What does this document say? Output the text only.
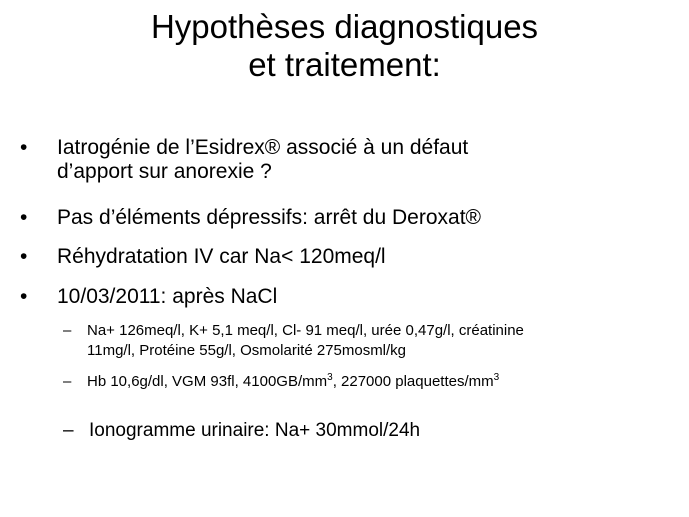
Hypothèses diagnostiques
et traitement:
•	Iatrogénie de l’Esidrex® associé à un défaut
d’apport sur anorexie ?
•	Pas d’éléments dépressifs: arrêt du Deroxat®
•	Réhydratation IV car Na< 120meq/l
•	10/03/2011: après NaCl
– Na+ 126meq/l, K+ 5,1 meq/l, Cl- 91 meq/l, urée 0,47g/l, créatinine
11mg/l, Protéine 55g/l, Osmolarité 275mosml/kg
– Hb 10,6g/dl, VGM 93fl, $4100GB/mm^3$, 227000 plaquettes/$mm^3$
– Ionogramme urinaire: Na+ 30mmol/24h
